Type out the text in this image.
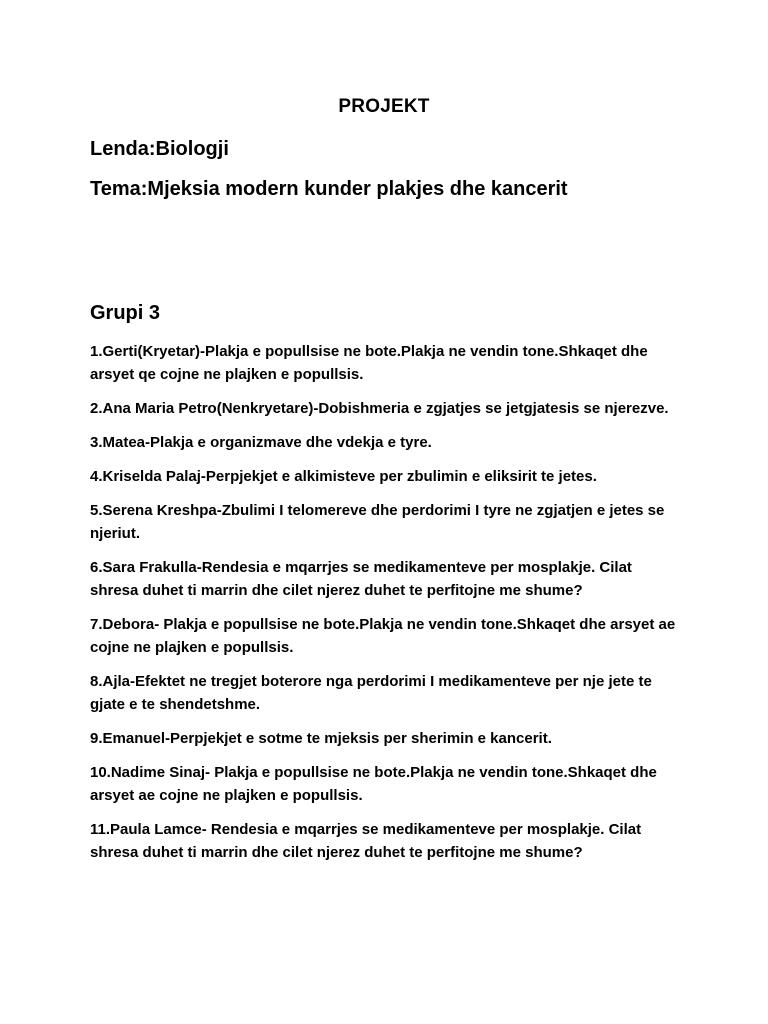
PROJEKT
Lenda:Biologji
Tema:Mjeksia modern kunder plakjes dhe kancerit
Grupi 3
1.Gerti(Kryetar)-Plakja e popullsise ne bote.Plakja ne vendin tone.Shkaqet dhe arsyet qe cojne ne plajken e popullsis.
2.Ana Maria Petro(Nenkryetare)-Dobishmeria e zgjatjes se jetgjatesis se njerezve.
3.Matea-Plakja e organizmave dhe vdekja e tyre.
4.Kriselda Palaj-Perpjekjet e alkimisteve per zbulimin e eliksirit te jetes.
5.Serena Kreshpa-Zbulimi I telomereve dhe perdorimi I tyre ne zgjatjen e jetes se njeriut.
6.Sara Frakulla-Rendesia e mqarrjes se medikamenteve per mosplakje. Cilat shresa duhet ti marrin dhe cilet njerez duhet te perfitojne me shume?
7.Debora- Plakja e popullsise ne bote.Plakja ne vendin tone.Shkaqet dhe arsyet ae cojne ne plajken e popullsis.
8.Ajla-Efektet ne tregjet boterore nga perdorimi I medikamenteve per nje jete te gjate e te shendetshme.
9.Emanuel-Perpjekjet e sotme te mjeksis per sherimin e kancerit.
10.Nadime Sinaj- Plakja e popullsise ne bote.Plakja ne vendin tone.Shkaqet dhe arsyet ae cojne ne plajken e popullsis.
11.Paula Lamce- Rendesia e mqarrjes se medikamenteve per mosplakje. Cilat shresa duhet ti marrin dhe cilet njerez duhet te perfitojne me shume?
